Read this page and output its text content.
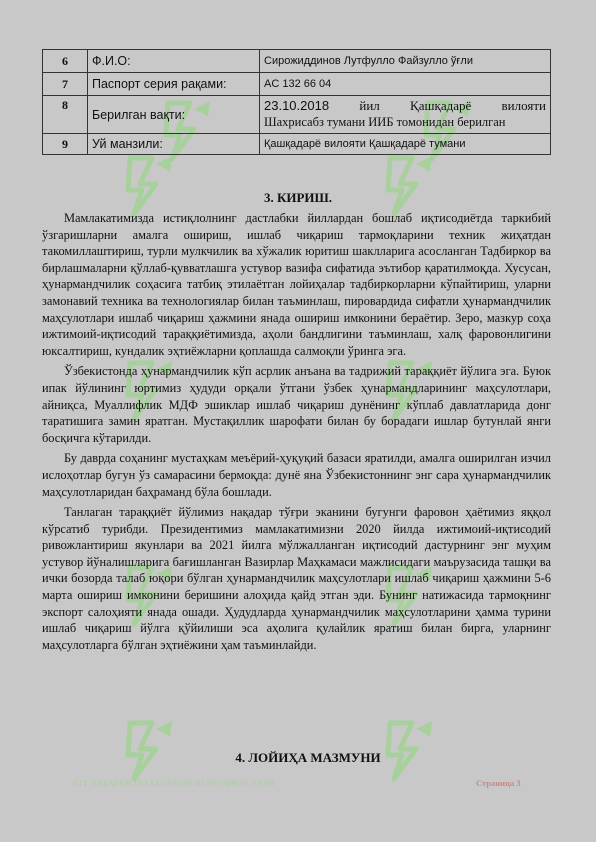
6	Ф.И.О:	Сирожиддинов Лутфулло Файзулло ўғли
7	Паспорт серия рақами:	AC 132 66 04
8	Берилган вақти:	23.10.2018 йил Қашқадарё вилояти
Шахрисабз тумани ИИБ томонидан берилган

9	Уй манзили:	Қашқадарё вилояти Қашқадарё тумани
3. КИРИШ.

Мамлакатимизда истиқлолнинг дастлабки йиллардан бошлаб иқтисодиётда таркибий ўзгаришларни амалга ошириш, ишлаб чиқариш тармоқларини техник жиҳатдан такомиллаштириш, турли мулкчилик ва хўжалик юритиш шаклларига асосланган Тадбиркор ва бирлашмаларни қўллаб-қувватлашга устувор вазифа сифатида эътибор қаратилмоқда. Хусусан, ҳунармандчилик соҳасига татбиқ этилаётган лойиҳалар тадбиркорларни кўпайтириш, уларни замонавий техника ва технологиялар билан таъминлаш, пировардида сифатли ҳунармандчилик маҳсулотлари ишлаб чиқариш ҳажмини янада ошириш имконини бераётир. Зеро, мазкур соҳа ижтимоий-иқтисодий тараққиётимизда, аҳоли бандлигини таъминлаш, халқ фаровонлигини юксалтириш, кундалик эҳтиёжларни қоплашда салмоқли ўринга эга.

Ўзбекистонда ҳунармандчилик кўп асрлик анъана ва тадрижий тараққиёт йўлига эга. Буюк ипак йўлининг юртимиз ҳудуди орқали ўтгани ўзбек ҳунармандларининг маҳсулотлари, айниқса, Муаллифлик МДФ эшиклар ишлаб чиқариш дунёнинг кўплаб давлатларида донг таратишига замин яратган. Мустақиллик шарофати билан бу борадаги ишлар бутунлай янги босқичга кўтарилди.

Бу даврда соҳанинг мустаҳкам меъёрий-ҳуқуқий базаси яратилди, амалга оширилган изчил ислоҳотлар бугун ўз самарасини бермоқда: дунё яна Ўзбекистоннинг энг сара ҳунармандчилик маҳсулотларидан баҳраманд бўла бошлади.

Танлаган тараққиёт йўлимиз нақадар тўғри эканини бугунги фаровон ҳаётимиз яққол кўрсатиб турибди. Президентимиз мамлакатимизни 2020 йилда ижтимоий-иқтисодий ривожлантириш якунлари ва 2021 йилга мўлжалланган иқтисодий дастурнинг энг муҳим устувор йўналишларига бағишланган Вазирлар Маҳкамаси мажлисидаги маърузасида ташқи ва ички бозорда талаб юқори бўлган ҳунармандчилик маҳсулотлари ишлаб чиқариш ҳажмини 5-6 марта ошириш имконини беришини алоҳида қайд этган эди. Бунинг натижасида тармоқнинг экспорт салоҳияти янада ошади. Ҳудудларда ҳунармандчилик маҳсулотларини ҳамма турини ишлаб чиқариш йўлга қўйилиши эса аҳолига қулайлик яратиш билан бирга, уларнинг маҳсулотларга бўлган эҳтиёжини ҳам таъминлайди.

4. ЛОЙИҲА МАЗМУНИ
ЯТТ АКБАРОВ ШАХБОЗЖОН ФАРХОДЖОН ЎҒЛИ	Страница 3
